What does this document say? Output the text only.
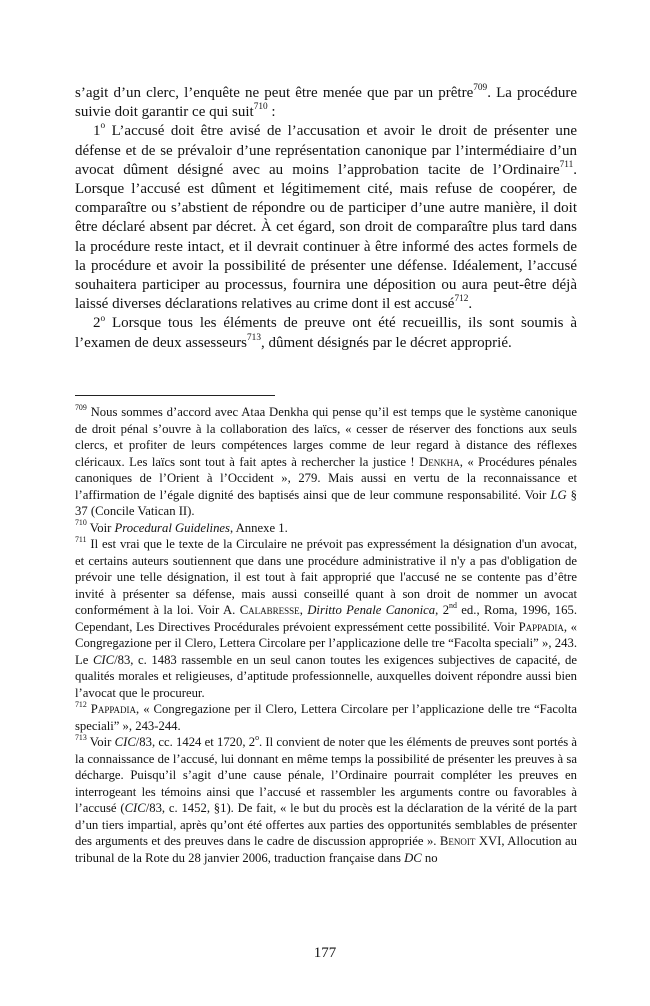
s’agit d’un clerc, l’enquête ne peut être menée que par un prêtre$^{709}$. La procédure suivie doit garantir ce qui suit$^{710}$ :

1$^o$ L’accusé doit être avisé de l’accusation et avoir le droit de présenter une défense et de se prévaloir d’une représentation canonique par l’intermédiaire d’un avocat dûment désigné avec au moins l’approbation tacite de l’Ordinaire$^{711}$. Lorsque l’accusé est dûment et légitimement cité, mais refuse de coopérer, de comparaître ou s’abstient de répondre ou de participer d’une autre manière, il doit être déclaré absent par décret. À cet égard, son droit de comparaître plus tard dans la procédure reste intact, et il devrait continuer à être informé des actes formels de la procédure et avoir la possibilité de présenter une défense. Idéalement, l’accusé souhaitera participer au processus, fournira une déposition ou aura peut-être déjà laissé diverses déclarations relatives au crime dont il est accusé$^{712}$.

2$^o$ Lorsque tous les éléments de preuve ont été recueillis, ils sont soumis à l’examen de deux assesseurs$^{713}$, dûment désignés par le décret approprié.

$^{709}$ Nous sommes d’accord avec Ataa Denkha qui pense qu’il est temps que le système canonique de droit pénal s’ouvre à la collaboration des laïcs, « cesser de réserver des fonctions aux seuls clercs, et profiter de leurs compétences larges comme de leur regard à distance des réflexes cléricaux. Les laïcs sont tout à fait aptes à rechercher la justice ! Denkha, « Procédures pénales canoniques de l’Orient à l’Occident », 279. Mais aussi en vertu de la reconnaissance et l’affirmation de l’égale dignité des baptisés ainsi que de leur commune responsabilité. Voir LG § 37 (Concile Vatican II).

$^{710}$ Voir Procedural Guidelines, Annexe 1.

$^{711}$ Il est vrai que le texte de la Circulaire ne prévoit pas expressément la désignation d'un avocat, et certains auteurs soutiennent que dans une procédure administrative il n'y a pas d'obligation de prévoir une telle désignation, il est tout à fait approprié que l'accusé ne se contente pas d’être invité à présenter sa défense, mais aussi conseillé quant à son droit de nommer un avocat conformément à la loi. Voir A. Calabresse, Diritto Penale Canonica, 2nd ed., Roma, 1996, 165. Cependant, Les Directives Procédurales prévoient expressément cette possibilité. Voir Pappadia, « Congregazione per il Clero, Lettera Circolare per l’applicazione delle tre “Facolta speciali” », 243. Le CIC/83, c. 1483 rassemble en un seul canon toutes les exigences subjectives de capacité, de qualités morales et religieuses, d’aptitude professionnelle, auxquelles doivent répondre aussi bien l’avocat que le procureur.

$^{712}$ Pappadia, « Congregazione per il Clero, Lettera Circolare per l’applicazione delle tre “Facolta speciali” », 243-244.

$^{713}$ Voir CIC/83, cc. 1424 et 1720, 2$^o$. Il convient de noter que les éléments de preuves sont portés à la connaissance de l’accusé, lui donnant en même temps la possibilité de présenter les preuves à sa décharge. Puisqu’il s’agit d’une cause pénale, l’Ordinaire pourrait compléter les preuves en interrogeant les témoins ainsi que l’accusé et rassembler les arguments contre ou favorables à l’accusé (CIC/83, c. 1452, §1). De fait, « le but du procès est la déclaration de la vérité de la part d’un tiers impartial, après qu’ont été offertes aux parties des opportunités semblables de présenter des arguments et des preuves dans le cadre de discussion appropriée ». Benoit XVI, Allocution au tribunal de la Rote du 28 janvier 2006, traduction française dans DC no

177
